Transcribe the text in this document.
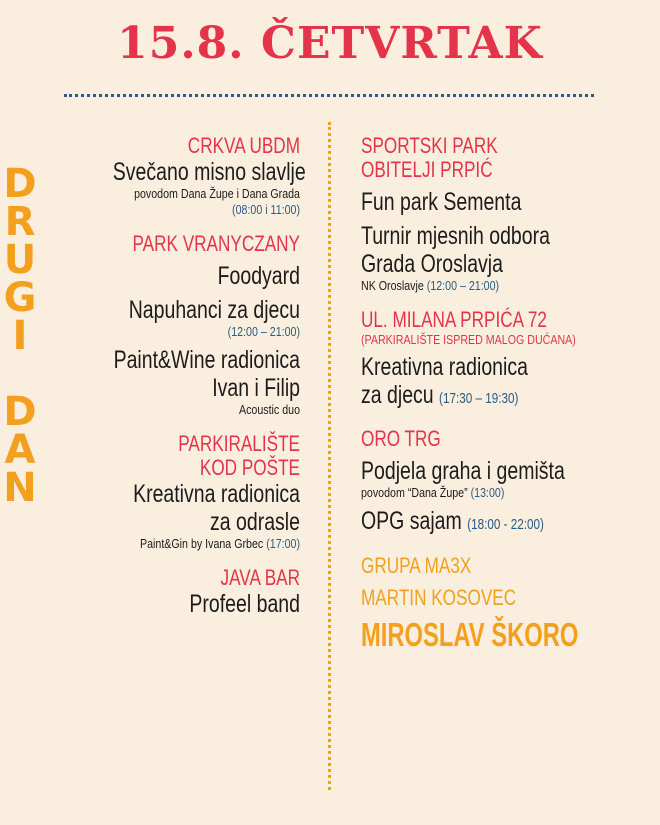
15.8. ČETVRTAK
D
R
U
G
I
D
A
N
CRKVA UBDM
Svečano misno slavlje
povodom Dana Župe i Dana Grada
(08:00 i 11:00)
PARK VRANYCZANY
Foodyard
Napuhanci za djecu
(12:00 – 21:00)
Paint&Wine radionica
Ivan i Filip
Acoustic duo
PARKIRALIŠTE
KOD POŠTE
Kreativna radionica
za odrasle
Paint&Gin by Ivana Grbec (17:00)
JAVA BAR
Profeel band
SPORTSKI PARK
OBITELJI PRPIĆ
Fun park Sementa
Turnir mjesnih odbora
Grada Oroslavja
NK Oroslavje (12:00 – 21:00)
UL. MILANA PRPIĆA 72
(PARKIRALIŠTE ISPRED MALOG DUĆANA)
Kreativna radionica
za djecu (17:30 – 19:30)
ORO TRG
Podjela graha i gemišta
povodom “Dana Župe” (13:00)
OPG sajam (18:00 - 22:00)
GRUPA MA3X
MARTIN KOSOVEC
MIROSLAV ŠKORO
